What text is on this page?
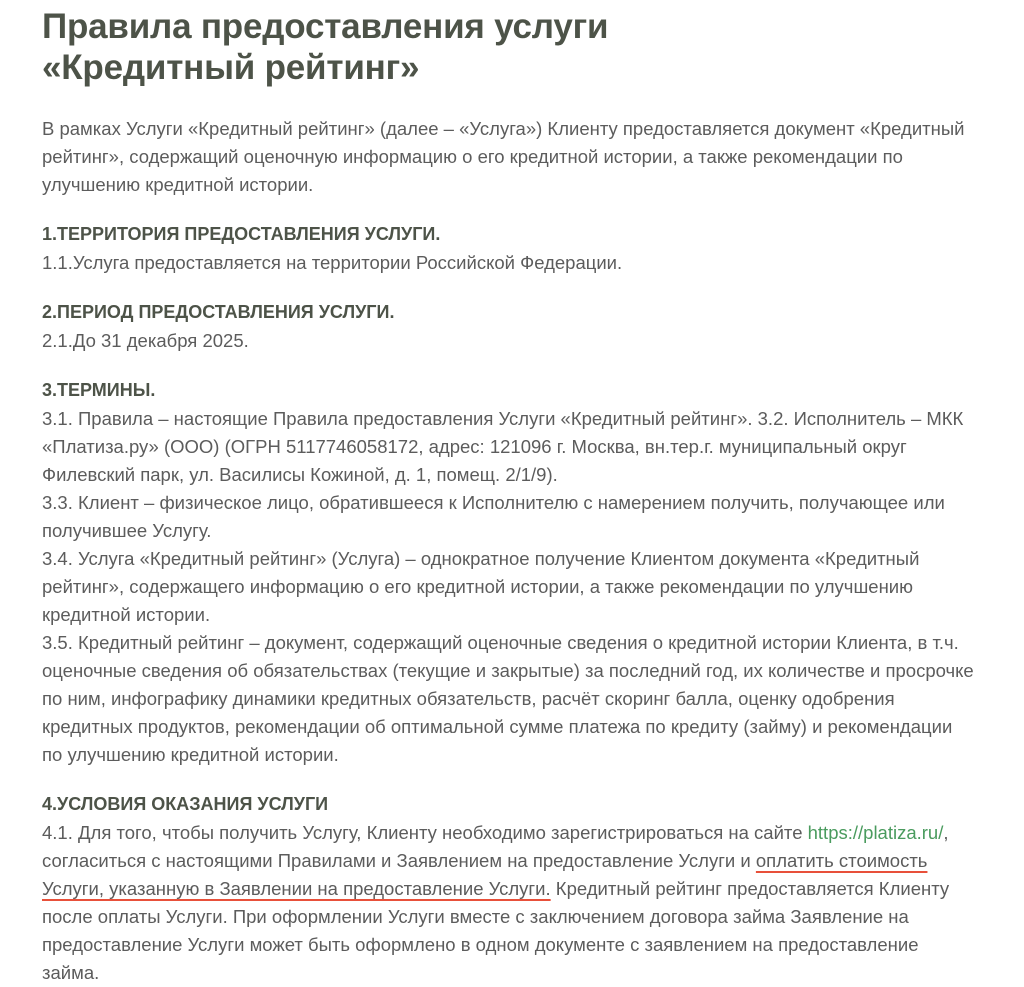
Правила предоставления услуги
«Кредитный рейтинг»

В рамках Услуги «Кредитный рейтинг» (далее – «Услуга») Клиенту предоставляется документ «Кредитный рейтинг», содержащий оценочную информацию о его кредитной истории, а также рекомендации по улучшению кредитной истории.

1.ТЕРРИТОРИЯ ПРЕДОСТАВЛЕНИЯ УСЛУГИ.

1.1.Услуга предоставляется на территории Российской Федерации.

2.ПЕРИОД ПРЕДОСТАВЛЕНИЯ УСЛУГИ.

2.1.До 31 декабря 2025.

3.ТЕРМИНЫ.

3.1. Правила – настоящие Правила предоставления Услуги «Кредитный рейтинг». 3.2. Исполнитель – МКК «Платиза.ру» (ООО) (ОГРН 5117746058172, адрес: 121096 г. Москва, вн.тер.г. муниципальный округ Филевский парк, ул. Василисы Кожиной, д. 1, помещ. 2/1/9).

3.3. Клиент – физическое лицо, обратившееся к Исполнителю с намерением получить, получающее или получившее Услугу.

3.4. Услуга «Кредитный рейтинг» (Услуга) – однократное получение Клиентом документа «Кредитный рейтинг», содержащего информацию о его кредитной истории, а также рекомендации по улучшению кредитной истории.

3.5. Кредитный рейтинг – документ, содержащий оценочные сведения о кредитной истории Клиента, в т.ч. оценочные сведения об обязательствах (текущие и закрытые) за последний год, их количестве и просрочке по ним, инфографику динамики кредитных обязательств, расчёт скоринг балла, оценку одобрения кредитных продуктов, рекомендации об оптимальной сумме платежа по кредиту (займу) и рекомендации по улучшению кредитной истории.

4.УСЛОВИЯ ОКАЗАНИЯ УСЛУГИ

4.1. Для того, чтобы получить Услугу, Клиенту необходимо зарегистрироваться на сайте https://platiza.ru/, согласиться с настоящими Правилами и Заявлением на предоставление Услуги и оплатить стоимость Услуги, указанную в Заявлении на предоставление Услуги. Кредитный рейтинг предоставляется Клиенту после оплаты Услуги. При оформлении Услуги вместе с заключением договора займа Заявление на предоставление Услуги может быть оформлено в одном документе с заявлением на предоставление займа.
